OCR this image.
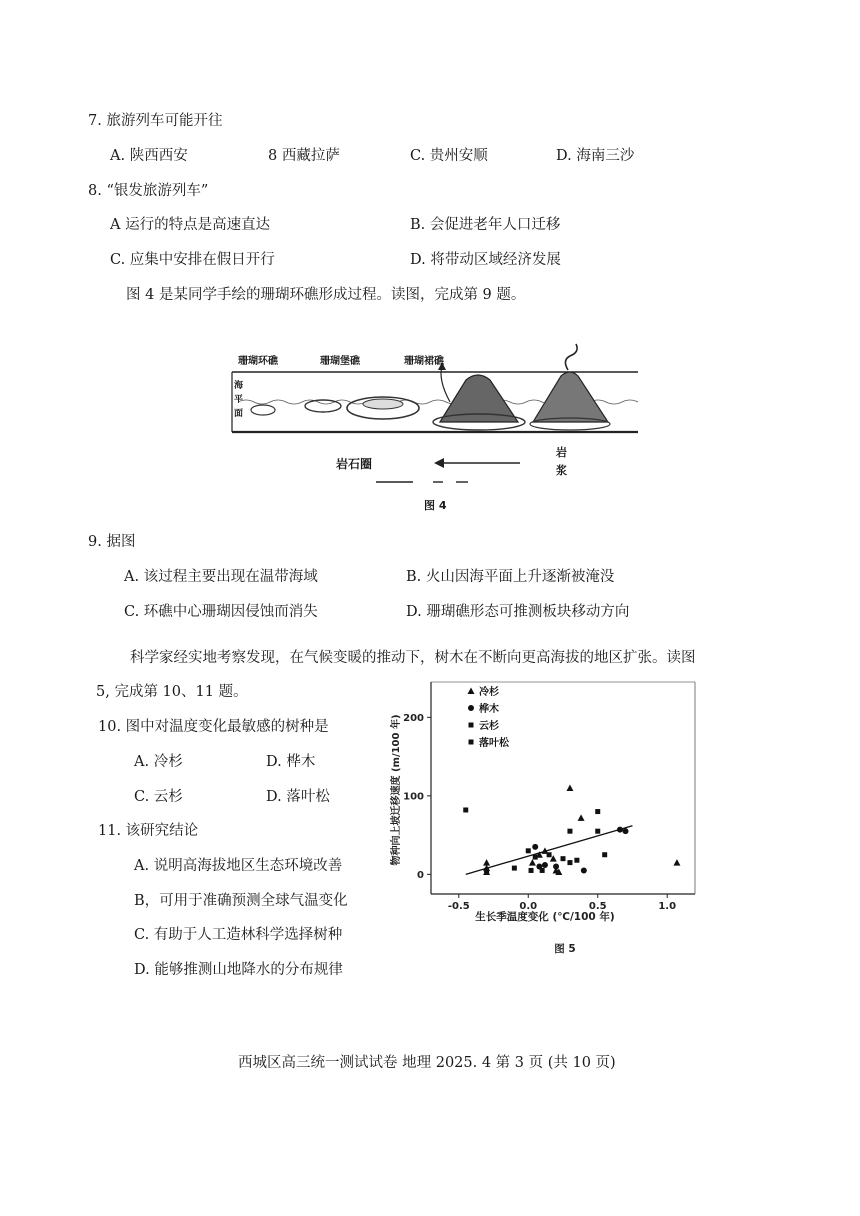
7. 旅游列车可能开往
A. 陕西西安	8 西藏拉萨	C. 贵州安顺	D. 海南三沙
8. “银发旅游列车”
A 运行的特点是高速直达	B. 会促进老年人口迁移
C. 应集中安排在假日开行	D. 将带动区域经济发展
图 4 是某同学手绘的珊瑚环礁形成过程。读图，完成第 9 题。
珊瑚环礁	珊瑚堡礁	珊瑚裙礁
海
平
面
岩石圈
岩
浆
图 4
9. 据图
A. 该过程主要出现在温带海域	B. 火山因海平面上升逐渐被淹没
C. 环礁中心珊瑚因侵蚀而消失	D. 珊瑚礁形态可推测板块移动方向
科学家经实地考察发现，在气候变暖的推动下，树木在不断向更高海拔的地区扩张。读图
5, 完成第 10、11 题。
10. 图中对温度变化最敏感的树种是
A. 冷杉	D. 桦木
C. 云杉	D. 落叶松
11. 该研究结论
A. 说明高海拔地区生态环境改善
B，可用于准确预测全球气温变化
C. 有助于人工造林科学选择树种
D. 能够推测山地降水的分布规律
物种向上坡迁移速度 (m/100 年)
生长季温度变化 (℃/100 年)
图 5
-0.5	0.0	0.5	1.0
0
100
200
冷杉
桦木
云杉
落叶松
西城区高三统一测试试卷 地理 2025. 4 第 3 页 (共 10 页)
